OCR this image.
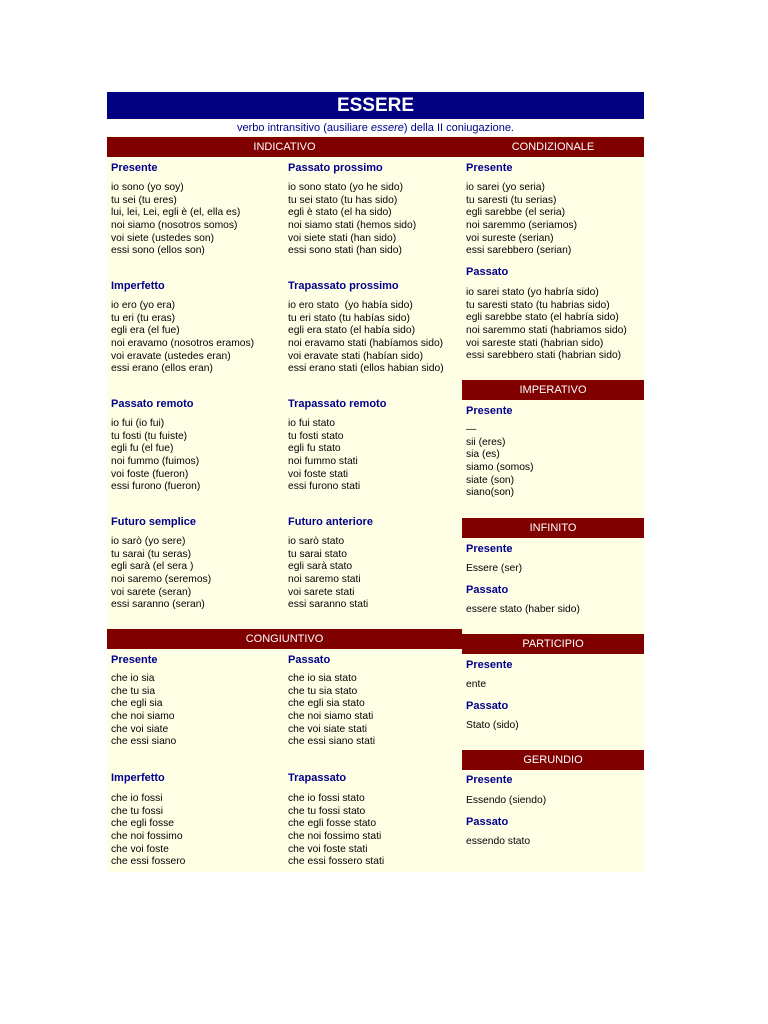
ESSERE
verbo intransitivo (ausiliare essere) della II coniugazione.
INDICATIVO	CONDIZIONALE
IMPERATIVO
INFINITO
CONGIUNTIVO	PARTICIPIO
GERUNDIO
Presente
io sono (yo soy)
tu sei (tu eres)
lui, lei, Lei, egli è (el, ella es)
noi siamo (nosotros somos)
voi siete (ustedes son)
essi sono (ellos son)
Passato prossimo
io sono stato (yo he sido)
tu sei stato (tu has sido)
egli è stato (el ha sido)
noi siamo stati (hemos sido)
voi siete stati (han sido)
essi sono stati (han sido)
Imperfetto
io ero (yo era)
tu eri (tu eras)
egli era (el fue)
noi eravamo (nosotros eramos)
voi eravate (ustedes eran)
essi erano (ellos eran)
Trapassato prossimo
io ero stato  (yo había sido)
tu eri stato (tu habías sido)
egli era stato (el había sido)
noi eravamo stati (habíamos sido)
voi eravate stati (habían sido)
essi erano stati (ellos habian sido)
Passato remoto
io fui (io fui)
tu fosti (tu fuiste)
egli fu (el fue)
noi fummo (fuimos)
voi foste (fueron)
essi furono (fueron)
Trapassato remoto
io fui stato
tu fosti stato
egli fu stato
noi fummo stati
voi foste stati
essi furono stati
Futuro semplice
io sarò (yo sere)
tu sarai (tu seras)
egli sarà (el sera )
noi saremo (seremos)
voi sarete (seran)
essi saranno (seran)
Futuro anteriore
io sarò stato
tu sarai stato
egli sarà stato
noi saremo stati
voi sarete stati
essi saranno stati
Presente
io sarei (yo seria)
tu saresti (tu serias)
egli sarebbe (el seria)
noi saremmo (seriamos)
voi sureste (serian)
essi sarebbero (serian)
Passato
io sarei stato (yo habría sido)
tu saresti stato (tu habrias sido)
egli sarebbe stato (el habría sido)
noi saremmo stati (habriamos sido)
voi sareste stati (habrian sido)
essi sarebbero stati (habrian sido)
Presente
—
sii (eres)
sia (es)
siamo (somos)
siate (son)
siano(son)
Presente
Essere (ser)
Passato
essere stato (haber sido)
Presente
ente
Passato
Stato (sido)
Presente
Essendo (siendo)
Passato
essendo stato
Presente
che io sia
che tu sia
che egli sia
che noi siamo
che voi siate
che essi siano
Passato
che io sia stato
che tu sia stato
che egli sia stato
che noi siamo stati
che voi siate stati
che essi siano stati
Imperfetto
che io fossi
che tu fossi
che egli fosse
che noi fossimo
che voi foste
che essi fossero
Trapassato
che io fossi stato
che tu fossi stato
che egli fosse stato
che noi fossimo stati
che voi foste stati
che essi fossero stati
